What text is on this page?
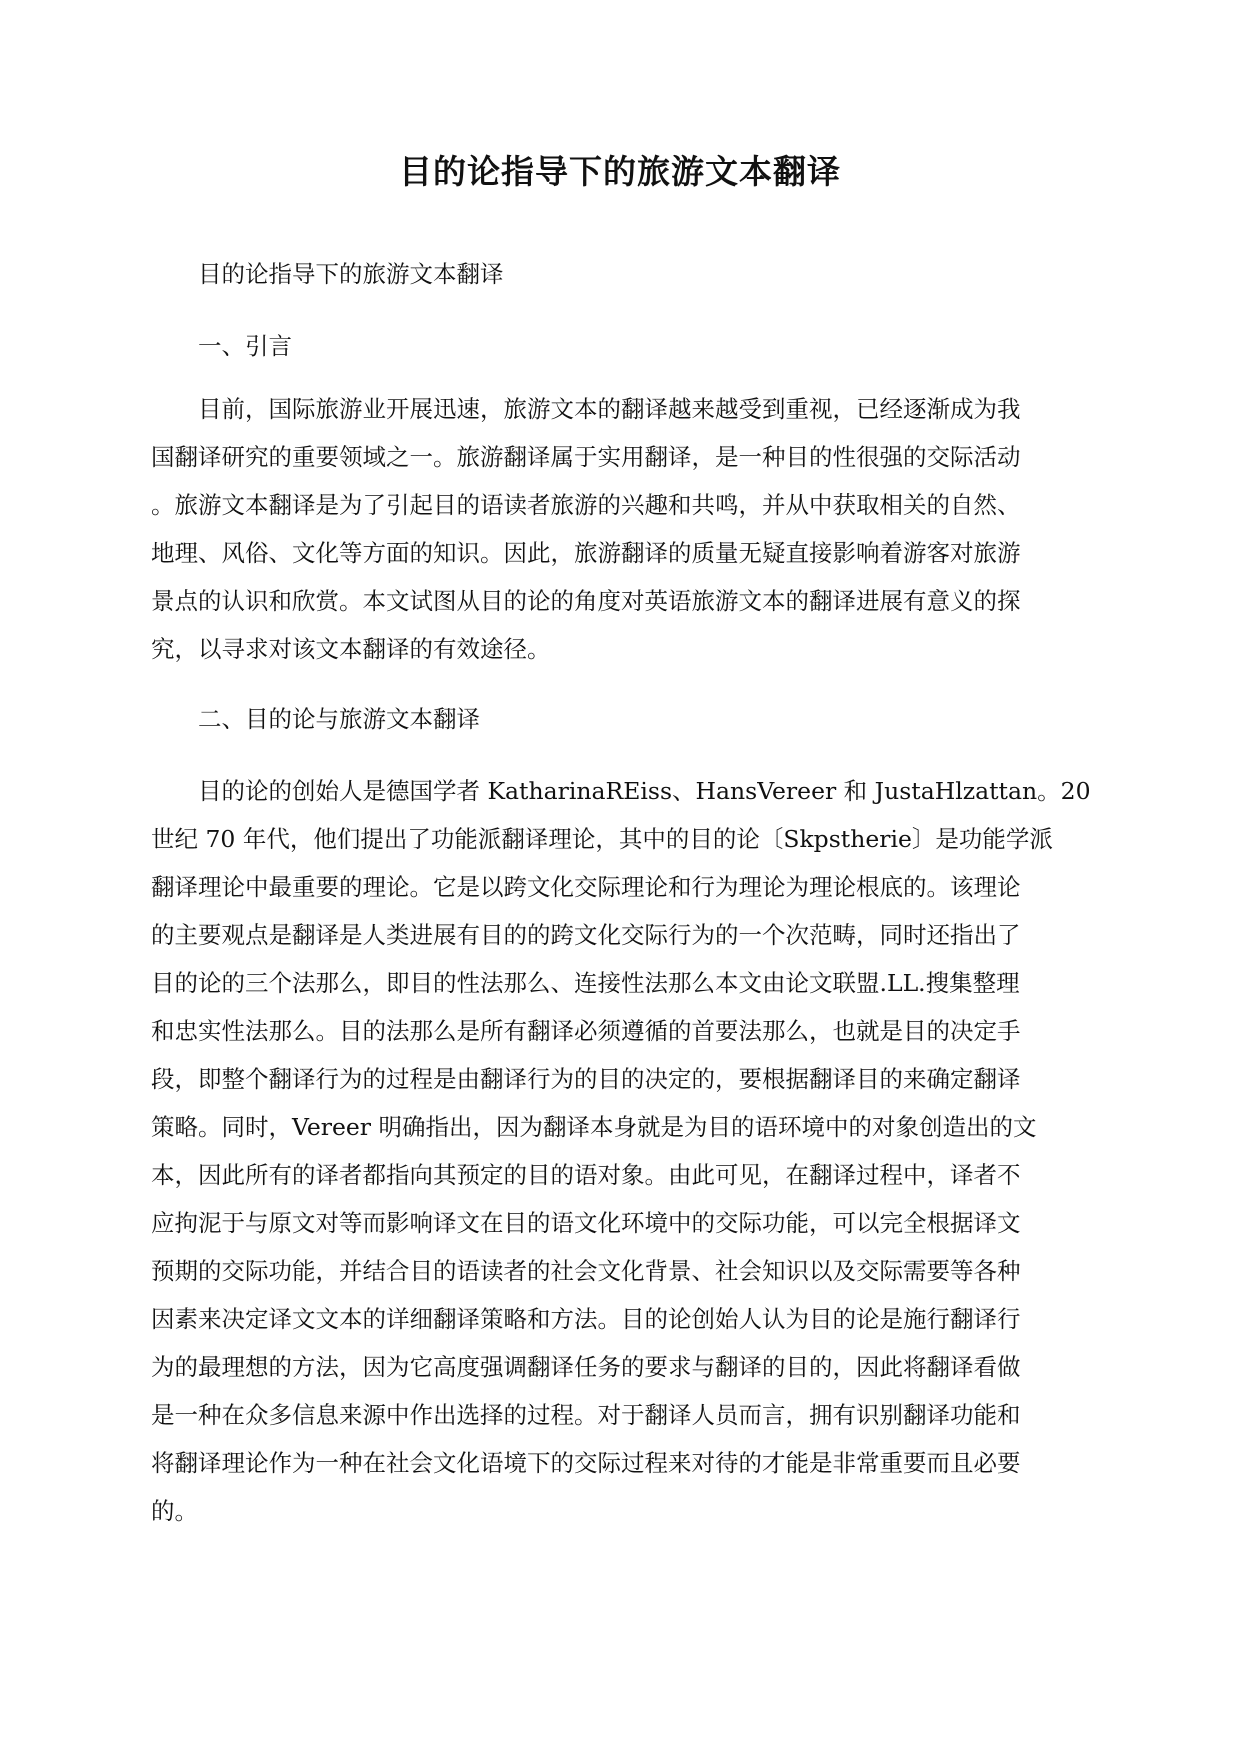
目的论指导下的旅游文本翻译
目的论指导下的旅游文本翻译
一、引言
目前，国际旅游业开展迅速，旅游文本的翻译越来越受到重视，已经逐渐成为我
国翻译研究的重要领域之一。旅游翻译属于实用翻译，是一种目的性很强的交际活动
。旅游文本翻译是为了引起目的语读者旅游的兴趣和共鸣，并从中获取相关的自然、
地理、风俗、文化等方面的知识。因此，旅游翻译的质量无疑直接影响着游客对旅游
景点的认识和欣赏。本文试图从目的论的角度对英语旅游文本的翻译进展有意义的探
究，以寻求对该文本翻译的有效途径。
二、目的论与旅游文本翻译
目的论的创始人是德国学者 KatharinaREiss、HansVereer 和 JustaHlzattan。20
世纪 70 年代，他们提出了功能派翻译理论，其中的目的论〔Skpstherie〕是功能学派
翻译理论中最重要的理论。它是以跨文化交际理论和行为理论为理论根底的。该理论
的主要观点是翻译是人类进展有目的的跨文化交际行为的一个次范畴，同时还指出了
目的论的三个法那么，即目的性法那么、连接性法那么本文由论文联盟.LL.搜集整理
和忠实性法那么。目的法那么是所有翻译必须遵循的首要法那么，也就是目的决定手
段，即整个翻译行为的过程是由翻译行为的目的决定的，要根据翻译目的来确定翻译
策略。同时，Vereer 明确指出，因为翻译本身就是为目的语环境中的对象创造出的文
本，因此所有的译者都指向其预定的目的语对象。由此可见，在翻译过程中，译者不
应拘泥于与原文对等而影响译文在目的语文化环境中的交际功能，可以完全根据译文
预期的交际功能，并结合目的语读者的社会文化背景、社会知识以及交际需要等各种
因素来决定译文文本的详细翻译策略和方法。目的论创始人认为目的论是施行翻译行
为的最理想的方法，因为它高度强调翻译任务的要求与翻译的目的，因此将翻译看做
是一种在众多信息来源中作出选择的过程。对于翻译人员而言，拥有识别翻译功能和
将翻译理论作为一种在社会文化语境下的交际过程来对待的才能是非常重要而且必要
的。
